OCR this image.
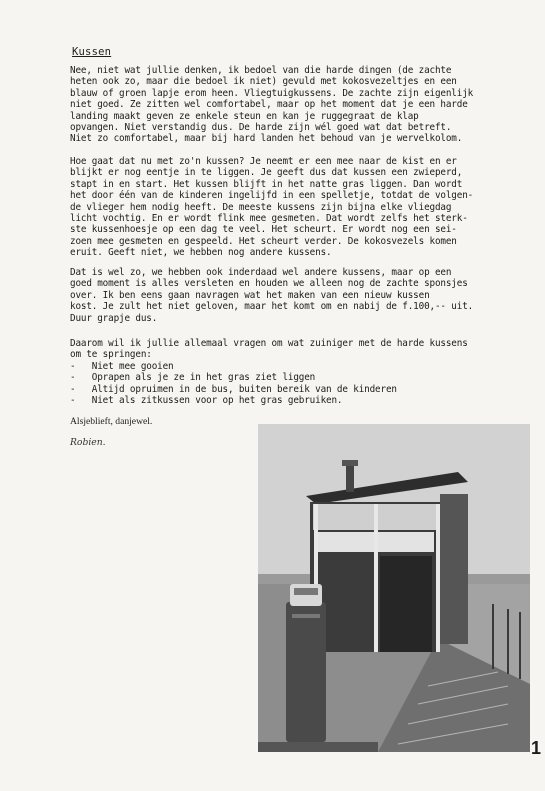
Kussen
Nee, niet wat jullie denken, ik bedoel van die harde dingen (de zachte
heten ook zo, maar die bedoel ik niet) gevuld met kokosvezeltjes en een
blauw of groen lapje erom heen. Vliegtuigkussens. De zachte zijn eigenlijk
niet goed. Ze zitten wel comfortabel, maar op het moment dat je een harde
landing maakt geven ze enkele steun en kan je ruggegraat de klap
opvangen. Niet verstandig dus. De harde zijn wél goed wat dat betreft.
Niet zo comfortabel, maar bij hard landen het behoud van je wervelkolom.
Hoe gaat dat nu met zo'n kussen? Je neemt er een mee naar de kist en er
blijkt er nog eentje in te liggen. Je geeft dus dat kussen een zwieperd,
stapt in en start. Het kussen blijft in het natte gras liggen. Dan wordt
het door één van de kinderen ingelijfd in een spelletje, totdat de volgen-
de vlieger hem nodig heeft. De meeste kussens zijn bijna elke vliegdag
licht vochtig. En er wordt flink mee gesmeten. Dat wordt zelfs het sterk-
ste kussenhoesje op een dag te veel. Het scheurt. Er wordt nog een sei-
zoen mee gesmeten en gespeeld. Het scheurt verder. De kokosvezels komen
eruit. Geeft niet, we hebben nog andere kussens.
Dat is wel zo, we hebben ook inderdaad wel andere kussens, maar op een
goed moment is alles versleten en houden we alleen nog de zachte sponsjes
over. Ik ben eens gaan navragen wat het maken van een nieuw kussen
kost. Je zult het niet geloven, maar het komt om en nabij de f.100,-- uit.
Duur grapje dus.
Daarom wil ik jullie allemaal vragen om wat zuiniger met de harde kussens
om te springen:
-   Niet mee gooien
-   Oprapen als je ze in het gras ziet liggen
-   Altijd opruimen in de bus, buiten bereik van de kinderen
-   Niet als zitkussen voor op het gras gebruiken.
Alsjeblieft, danjewel.
Robien.
1
